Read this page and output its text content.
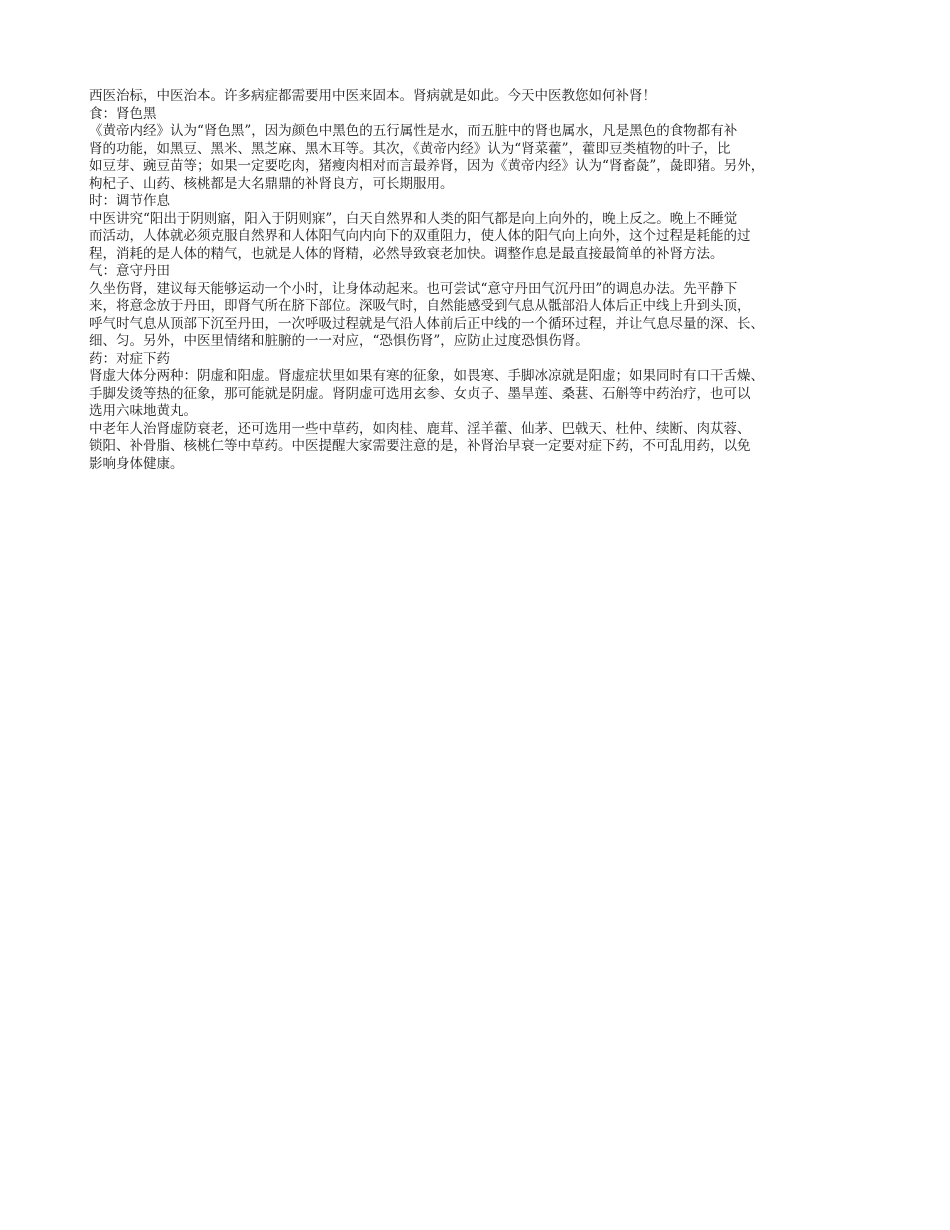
西医治标，中医治本。许多病症都需要用中医来固本。肾病就是如此。今天中医教您如何补肾！

食：肾色黑

《黄帝内经》认为“肾色黑”，因为颜色中黑色的五行属性是水，而五脏中的肾也属水，凡是黑色的食物都有补

肾的功能，如黑豆、黑米、黑芝麻、黑木耳等。其次，《黄帝内经》认为“肾菜藿”，藿即豆类植物的叶子，比

如豆芽、豌豆苗等；如果一定要吃肉，猪瘦肉相对而言最养肾，因为《黄帝内经》认为“肾畜彘”，彘即猪。另外，

枸杞子、山药、核桃都是大名鼎鼎的补肾良方，可长期服用。

时：调节作息

中医讲究“阳出于阴则寤，阳入于阴则寐”，白天自然界和人类的阳气都是向上向外的，晚上反之。晚上不睡觉

而活动，人体就必须克服自然界和人体阳气向内向下的双重阻力，使人体的阳气向上向外，这个过程是耗能的过

程，消耗的是人体的精气，也就是人体的肾精，必然导致衰老加快。调整作息是最直接最简单的补肾方法。

气：意守丹田

久坐伤肾，建议每天能够运动一个小时，让身体动起来。也可尝试“意守丹田气沉丹田”的调息办法。先平静下

来，将意念放于丹田，即肾气所在脐下部位。深吸气时，自然能感受到气息从骶部沿人体后正中线上升到头顶，

呼气时气息从顶部下沉至丹田，一次呼吸过程就是气沿人体前后正中线的一个循环过程，并让气息尽量的深、长、

细、匀。另外，中医里情绪和脏腑的一一对应，“恐惧伤肾”，应防止过度恐惧伤肾。

药：对症下药

肾虚大体分两种：阴虚和阳虚。肾虚症状里如果有寒的征象，如畏寒、手脚冰凉就是阳虚；如果同时有口干舌燥、

手脚发烫等热的征象，那可能就是阴虚。肾阴虚可选用玄参、女贞子、墨旱莲、桑葚、石斛等中药治疗，也可以

选用六味地黄丸。

中老年人治肾虚防衰老，还可选用一些中草药，如肉桂、鹿茸、淫羊藿、仙茅、巴戟天、杜仲、续断、肉苁蓉、

锁阳、补骨脂、核桃仁等中草药。中医提醒大家需要注意的是，补肾治早衰一定要对症下药，不可乱用药，以免

影响身体健康。
